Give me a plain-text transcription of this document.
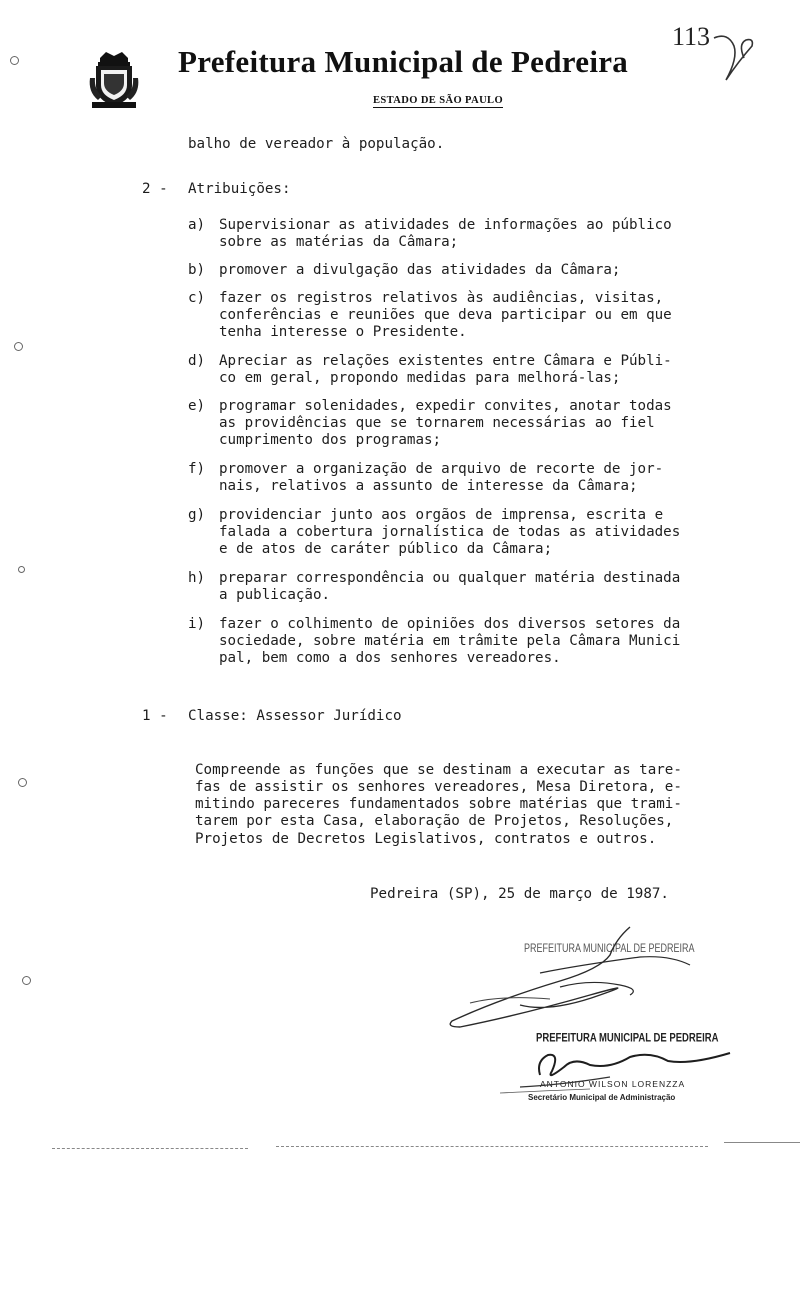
Prefeitura Municipal de Pedreira
ESTADO DE SÃO PAULO
113
balho de vereador à população.
2 - Atribuições:
a) Supervisionar as atividades de informações ao público
sobre as matérias da Câmara;
b) promover a divulgação das atividades da Câmara;
c) fazer os registros relativos às audiências, visitas,
conferências e reuniões que deva participar ou em que
tenha interesse o Presidente.
d) Apreciar as relações existentes entre Câmara e Públi-
co em geral, propondo medidas para melhorá-las;
e) programar solenidades, expedir convites, anotar todas
as providências que se tornarem necessárias ao fiel
cumprimento dos programas;
f) promover a organização de arquivo de recorte de jor-
nais, relativos a assunto de interesse da Câmara;
g) providenciar junto aos orgãos de imprensa, escrita e
falada a cobertura jornalística de todas as atividades
e de atos de caráter público da Câmara;
h) preparar correspondência ou qualquer matéria destinada
a publicação.
i) fazer o colhimento de opiniões dos diversos setores da
sociedade, sobre matéria em trâmite pela Câmara Munici
pal, bem como a dos senhores vereadores.
1 - Classe: Assessor Jurídico
Compreende as funções que se destinam a executar as tare-
fas de assistir os senhores vereadores, Mesa Diretora, e-
mitindo pareceres fundamentados sobre matérias que trami-
tarem por esta Casa, elaboração de Projetos, Resoluções,
Projetos de Decretos Legislativos, contratos e outros.
Pedreira (SP), 25 de março de 1987.
PREFEITURA MUNICIPAL DE PEDREIRA
PREFEITURA MUNICIPAL DE PEDREIRA
ANTONIO WILSON LORENZZA
Secretário Municipal de Administração
